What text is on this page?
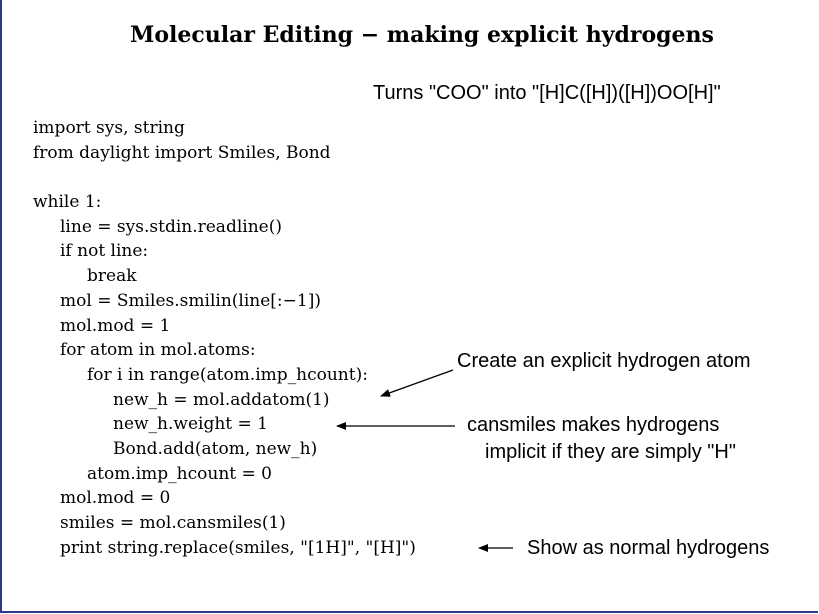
Molecular Editing − making explicit hydrogens
Turns "COO" into "[H]C([H])([H])OO[H]"
import sys, string
from daylight import Smiles, Bond
while 1:
line = sys.stdin.readline()
if not line:
break
mol = Smiles.smilin(line[:−1])
mol.mod = 1
for atom in mol.atoms:
for i in range(atom.imp_hcount):
new_h = mol.addatom(1)
new_h.weight = 1
Bond.add(atom, new_h)
atom.imp_hcount = 0
mol.mod = 0
smiles = mol.cansmiles(1)
print string.replace(smiles, "[1H]", "[H]")
Create an explicit hydrogen atom
cansmiles makes hydrogens
implicit if they are simply "H"
Show as normal hydrogens
